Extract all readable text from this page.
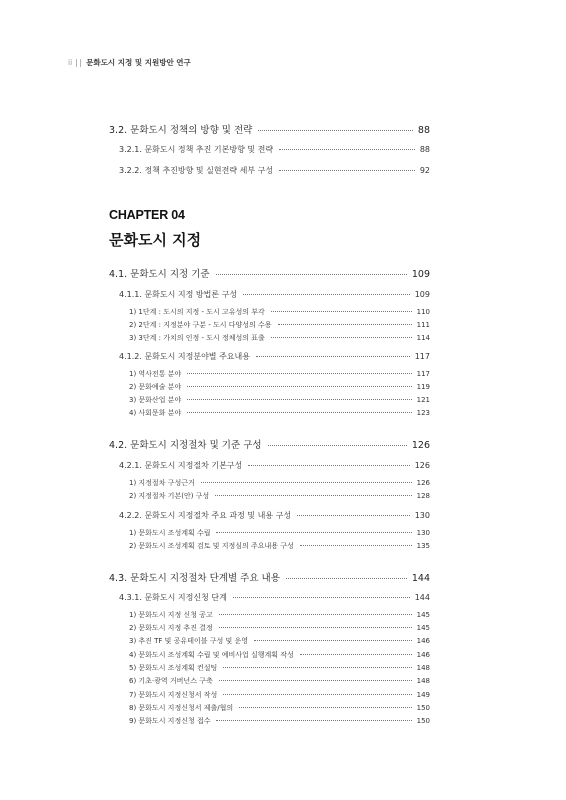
ii 문화도시 지정 및 지원방안 연구
CHAPTER 04
문화도시 지정
3.2. 문화도시 정책의 방향 및 전략	88
3.2.1. 문화도시 정책 추진 기본방향 및 전략	88
3.2.2. 정책 추진방향 및 실현전략 세부 구성	92
4.1. 문화도시 지정 기준	109
4.1.1. 문화도시 지정 방법론 구성	109
1) 1단계 : 도시의 지정 - 도시 고유성의 부각	110
2) 2단계 : 지정분야 구분 - 도시 다양성의 수용	111
3) 3단계 : 가치의 인정 - 도시 정체성의 표출	114
4.1.2. 문화도시 지정분야별 주요내용	117
1) 역사전통 분야	117
2) 문화예술 분야	119
3) 문화산업 분야	121
4) 사회문화 분야	123
4.2. 문화도시 지정절차 및 기준 구성	126
4.2.1. 문화도시 지정절차 기본구성	126
1) 지정절차 구성근거	126
2) 지정절차 기본(안) 구성	128
4.2.2. 문화도시 지정절차 주요 과정 및 내용 구성	130
1) 문화도시 조성계획 수립	130
2) 문화도시 조성계획 검토 및 지정심의 주요내용 구성	135
4.3. 문화도시 지정절차 단계별 주요 내용	144
4.3.1. 문화도시 지정신청 단계	144
1) 문화도시 지정 신청 공고	145
2) 문화도시 지정 추진 결정	145
3) 추진 TF 및 공유테이블 구성 및 운영	146
4) 문화도시 조성계획 수립 및 예비사업 실행계획 작성	146
5) 문화도시 조성계획 컨설팅	148
6) 기초·광역 거버넌스 구축	148
7) 문화도시 지정신청서 작성	149
8) 문화도시 지정신청서 제출/협의	150
9) 문화도시 지정신청 접수	150
